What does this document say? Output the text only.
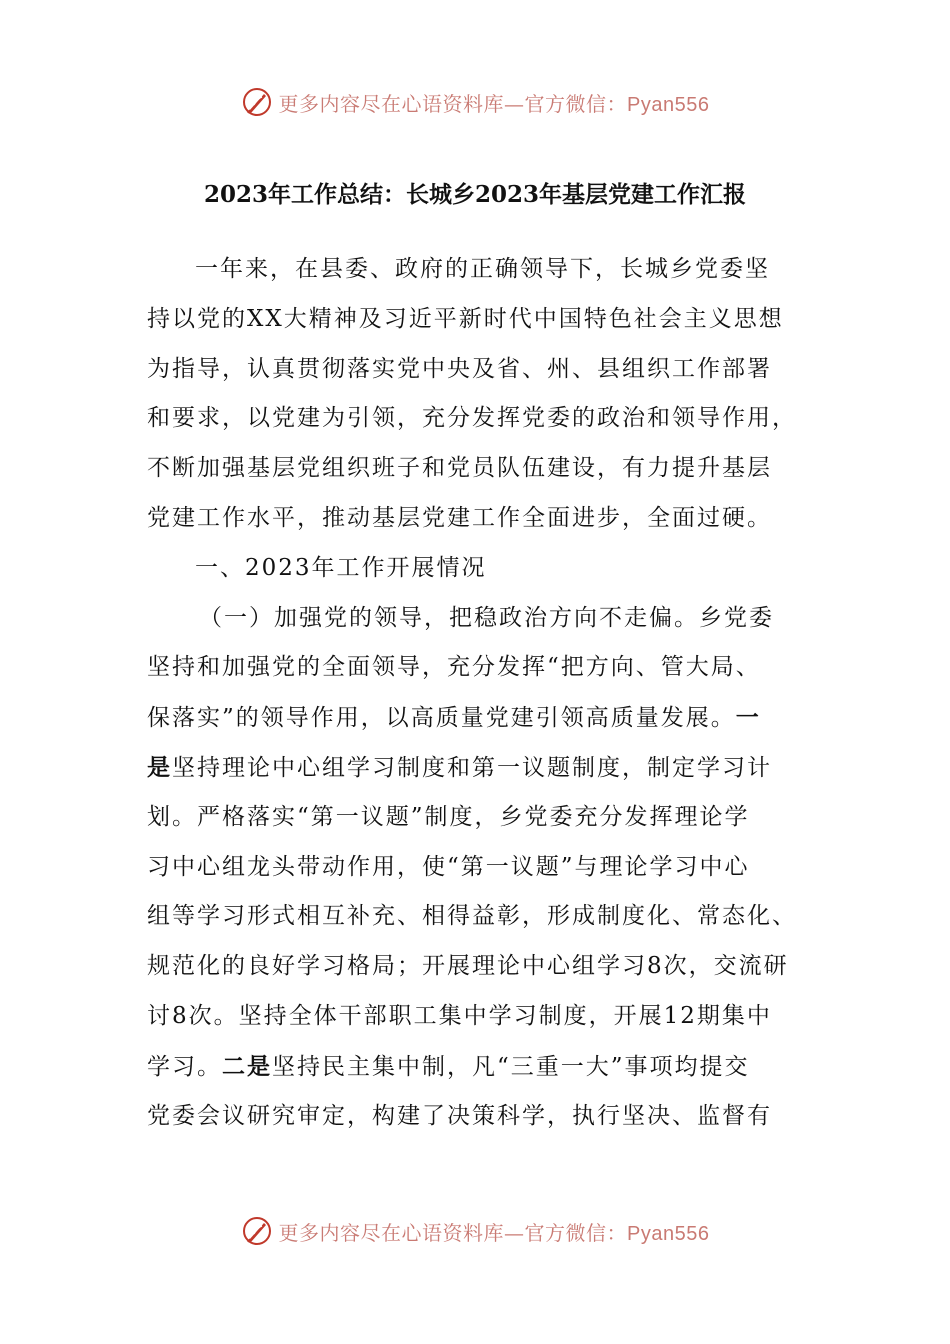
更多内容尽在心语资料库—官方微信：Pyan556
2023年工作总结：长城乡2023年基层党建工作汇报
一年来，在县委、政府的正确领导下，长城乡党委坚
持以党的XX大精神及习近平新时代中国特色社会主义思想
为指导，认真贯彻落实党中央及省、州、县组织工作部署
和要求，以党建为引领，充分发挥党委的政治和领导作用，
不断加强基层党组织班子和党员队伍建设，有力提升基层
党建工作水平，推动基层党建工作全面进步，全面过硬。
一、2023年工作开展情况
（一）加强党的领导，把稳政治方向不走偏。乡党委
坚持和加强党的全面领导，充分发挥“把方向、管大局、
保落实”的领导作用，以高质量党建引领高质量发展。一
是坚持理论中心组学习制度和第一议题制度，制定学习计
划。严格落实“第一议题”制度，乡党委充分发挥理论学
习中心组龙头带动作用，使“第一议题”与理论学习中心
组等学习形式相互补充、相得益彰，形成制度化、常态化、
规范化的良好学习格局；开展理论中心组学习8次，交流研
讨8次。坚持全体干部职工集中学习制度，开展12期集中
学习。二是坚持民主集中制，凡“三重一大”事项均提交
党委会议研究审定，构建了决策科学，执行坚决、监督有
更多内容尽在心语资料库—官方微信：Pyan556
